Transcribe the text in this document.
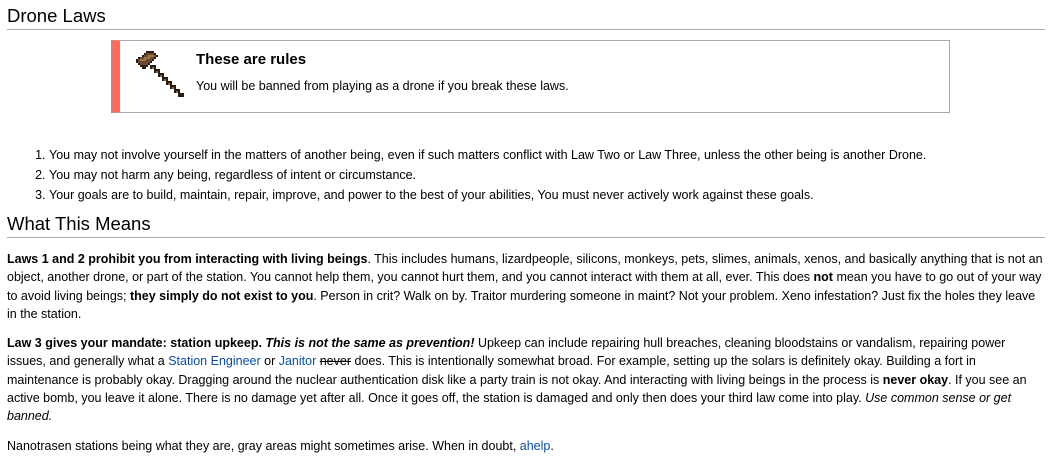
Drone Laws
These are rules
You will be banned from playing as a drone if you break these laws.
1. You may not involve yourself in the matters of another being, even if such matters conflict with Law Two or Law Three, unless the other being is another Drone.
2. You may not harm any being, regardless of intent or circumstance.
3. Your goals are to build, maintain, repair, improve, and power to the best of your abilities, You must never actively work against these goals.
What This Means

Laws 1 and 2 prohibit you from interacting with living beings. This includes humans, lizardpeople, silicons, monkeys, pets, slimes, animals, xenos, and basically anything that is not an object, another drone, or part of the station. You cannot help them, you cannot hurt them, and you cannot interact with them at all, ever. This does not mean you have to go out of your way to avoid living beings; they simply do not exist to you. Person in crit? Walk on by. Traitor murdering someone in maint? Not your problem. Xeno infestation? Just fix the holes they leave in the station.

Law 3 gives your mandate: station upkeep. This is not the same as prevention! Upkeep can include repairing hull breaches, cleaning bloodstains or vandalism, repairing power issues, and generally what a Station Engineer or Janitor never does. This is intentionally somewhat broad. For example, setting up the solars is definitely okay. Building a fort in maintenance is probably okay. Dragging around the nuclear authentication disk like a party train is not okay. And interacting with living beings in the process is never okay. If you see an active bomb, you leave it alone. There is no damage yet after all. Once it goes off, the station is damaged and only then does your third law come into play. Use common sense or get banned.

Nanotrasen stations being what they are, gray areas might sometimes arise. When in doubt, ahelp.
